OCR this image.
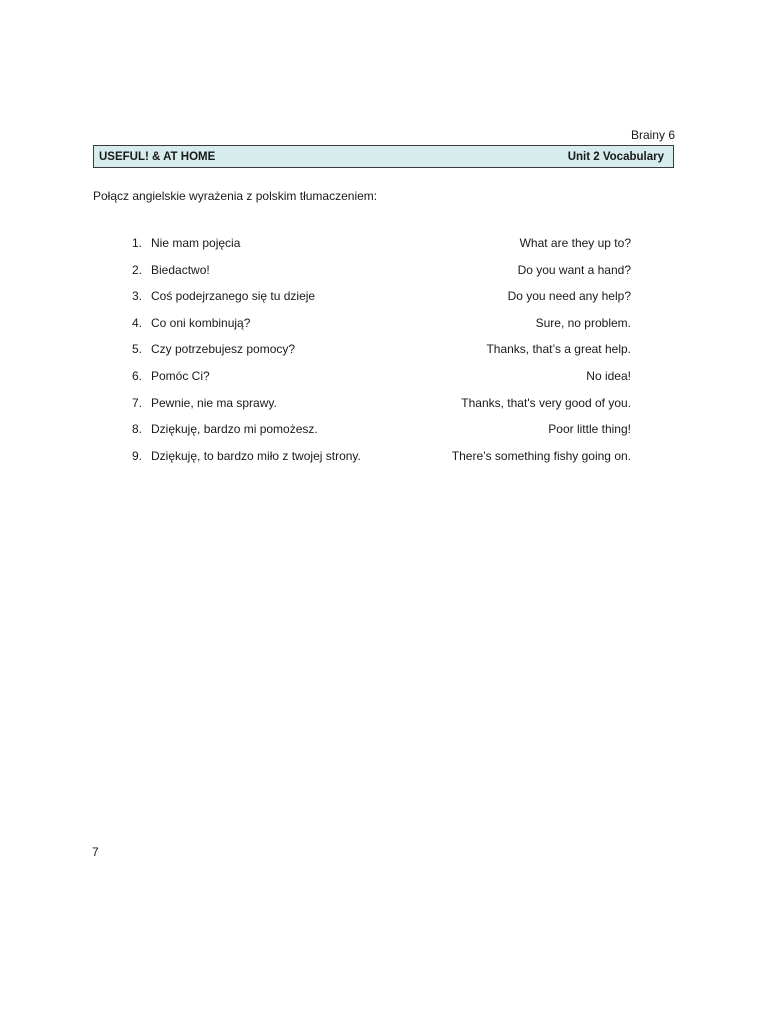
Brainy 6
USEFUL! & AT HOME	Unit 2 Vocabulary
Połącz angielskie wyrażenia z polskim tłumaczeniem:
1. Nie mam pojęcia	What are they up to?
2. Biedactwo!	Do you want a hand?
3. Coś podejrzanego się tu dzieje	Do you need any help?
4. Co oni kombinują?	Sure, no problem.
5. Czy potrzebujesz pomocy?	Thanks, that’s a great help.
6. Pomóc Ci?	No idea!
7. Pewnie, nie ma sprawy.	Thanks, that's very good of you.
8. Dziękuję, bardzo mi pomożesz.	Poor little thing!
9. Dziękuję, to bardzo miło z twojej strony.	There’s something fishy going on.
7
